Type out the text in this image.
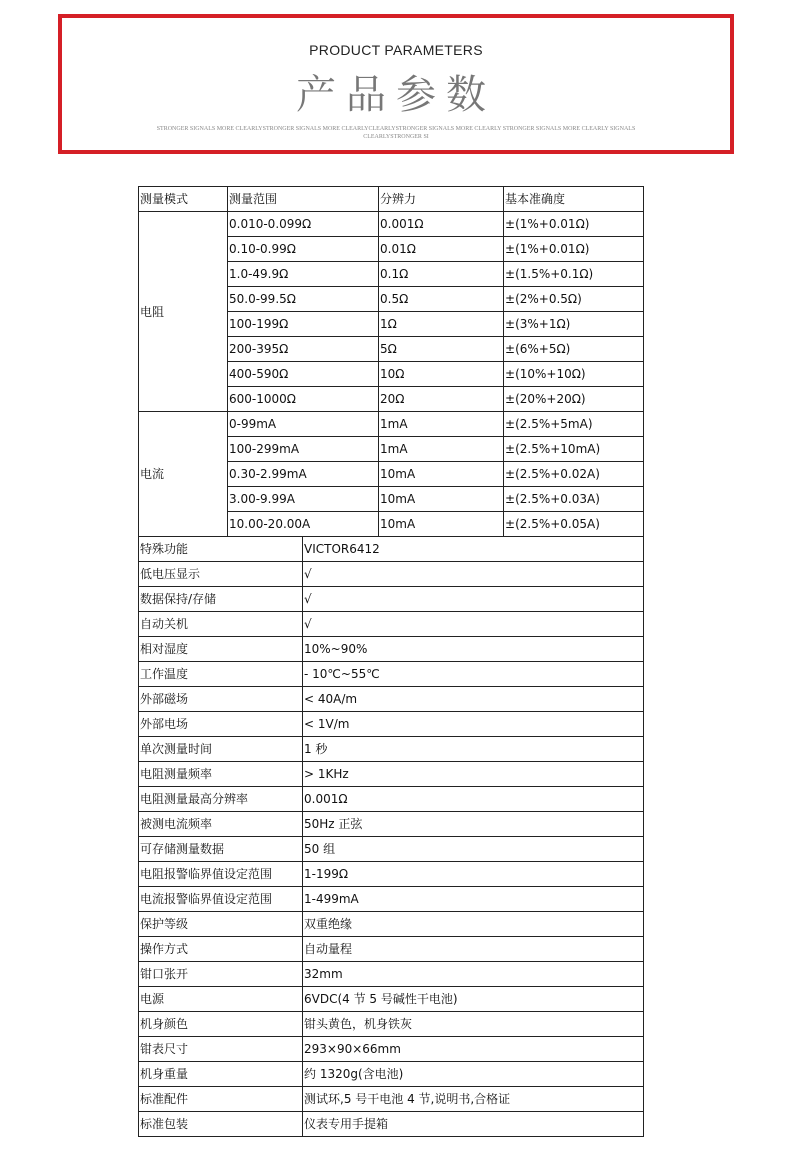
PRODUCT PARAMETERS
产品参数
STRONGER SIGNALS MORE CLEARLYSTRONGER SIGNALS MORE CLEARLYCLEARLYSTRONGER SIGNALS MORE CLEARLY STRONGER SIGNALS MORE CLEARLY SIGNALS CLEARLYSTRONGER SI
测量模式	测量范围		分辨力	基本准确度
电阻	0.010-0.099Ω		0.001Ω	±(1%+0.01Ω)
	0.10-0.99Ω		0.01Ω	±(1%+0.01Ω)
	1.0-49.9Ω		0.1Ω	±(1.5%+0.1Ω)
	50.0-99.5Ω		0.5Ω	±(2%+0.5Ω)
	100-199Ω		1Ω	±(3%+1Ω)
	200-395Ω		5Ω	±(6%+5Ω)
	400-590Ω		10Ω	±(10%+10Ω)
	600-1000Ω		20Ω	±(20%+20Ω)
电流	0-99mA		1mA	±(2.5%+5mA)
	100-299mA		1mA	±(2.5%+10mA)
	0.30-2.99mA		10mA	±(2.5%+0.02A)
	3.00-9.99A		10mA	±(2.5%+0.03A)
	10.00-20.00A		10mA	±(2.5%+0.05A)
特殊功能		VICTOR6412		
低电压显示		√		
数据保持/存储		√		
自动关机		√		
相对湿度		10%~90%		
工作温度		- 10℃~55℃		
外部磁场		< 40A/m		
外部电场		< 1V/m		
单次测量时间		1 秒		
电阻测量频率		> 1KHz		
电阻测量最高分辨率		0.001Ω		
被测电流频率		50Hz 正弦		
可存储测量数据		50 组		
电阻报警临界值设定范围		1-199Ω		
电流报警临界值设定范围		1-499mA		
保护等级		双重绝缘		
操作方式		自动量程		
钳口张开		32mm		
电源		6VDC(4 节 5 号碱性干电池)		
机身颜色		钳头黄色，机身铁灰		
钳表尺寸		293×90×66mm		
机身重量		约 1320g(含电池)		
标准配件		测试环,5 号干电池 4 节,说明书,合格证		
标准包装		仪表专用手提箱		
